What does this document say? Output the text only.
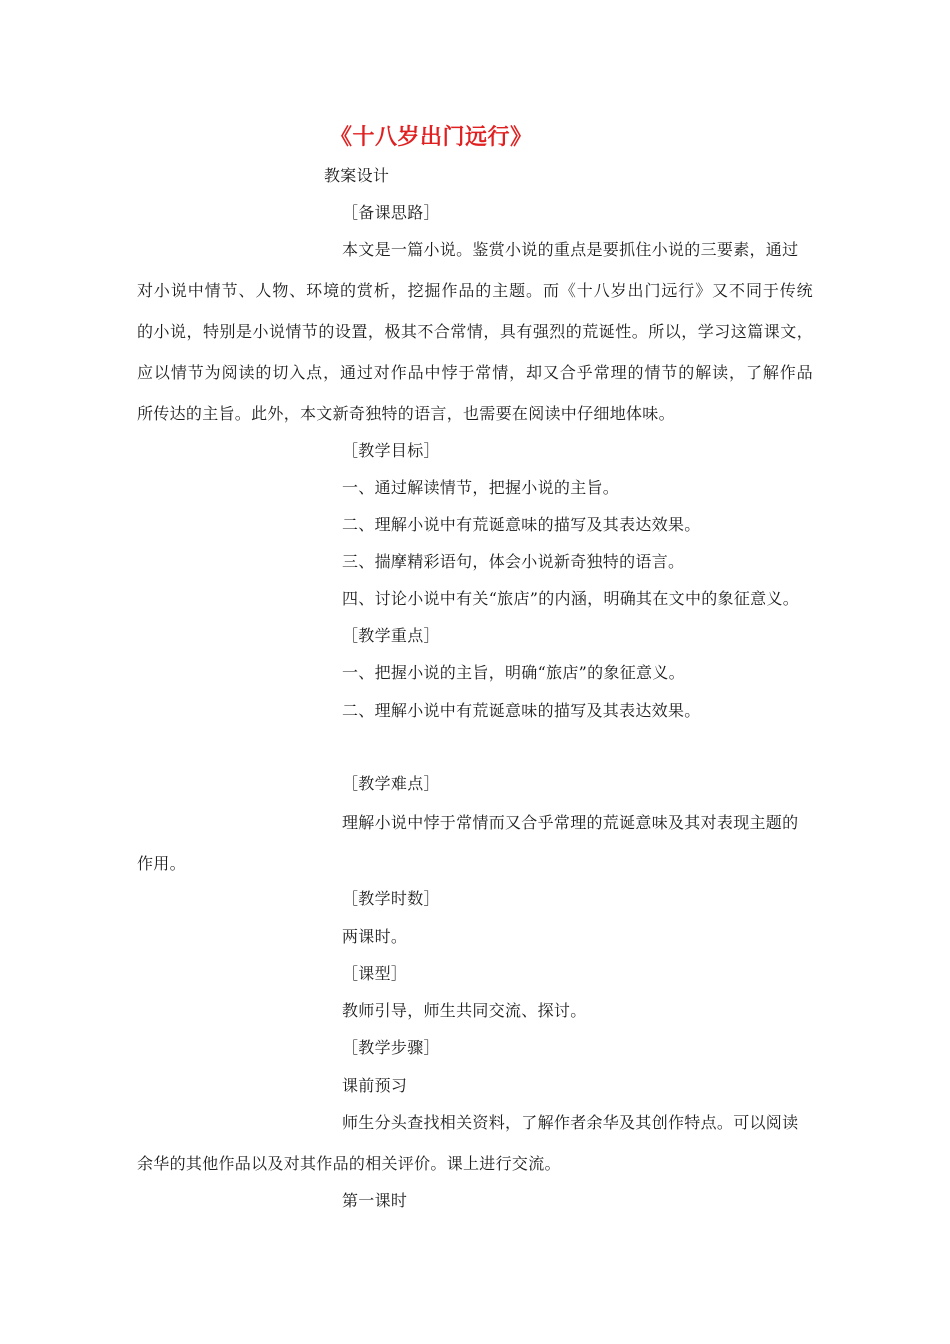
《十八岁出门远行》
教案设计
［备课思路］
本文是一篇小说。鉴赏小说的重点是要抓住小说的三要素，通过
对小说中情节、人物、环境的赏析，挖掘作品的主题。而《十八岁出门远行》又不同于传统
的小说，特别是小说情节的设置，极其不合常情，具有强烈的荒诞性。所以，学习这篇课文，
应以情节为阅读的切入点，通过对作品中悖于常情，却又合乎常理的情节的解读，了解作品
所传达的主旨。此外，本文新奇独特的语言，也需要在阅读中仔细地体味。
［教学目标］
一、通过解读情节，把握小说的主旨。
二、理解小说中有荒诞意味的描写及其表达效果。
三、揣摩精彩语句，体会小说新奇独特的语言。
四、讨论小说中有关“旅店”的内涵，明确其在文中的象征意义。
［教学重点］
一、把握小说的主旨，明确“旅店”的象征意义。
二、理解小说中有荒诞意味的描写及其表达效果。
［教学难点］
理解小说中悖于常情而又合乎常理的荒诞意味及其对表现主题的
作用。
［教学时数］
两课时。
［课型］
教师引导，师生共同交流、探讨。
［教学步骤］
课前预习
师生分头查找相关资料，了解作者余华及其创作特点。可以阅读
余华的其他作品以及对其作品的相关评价。课上进行交流。
第一课时
